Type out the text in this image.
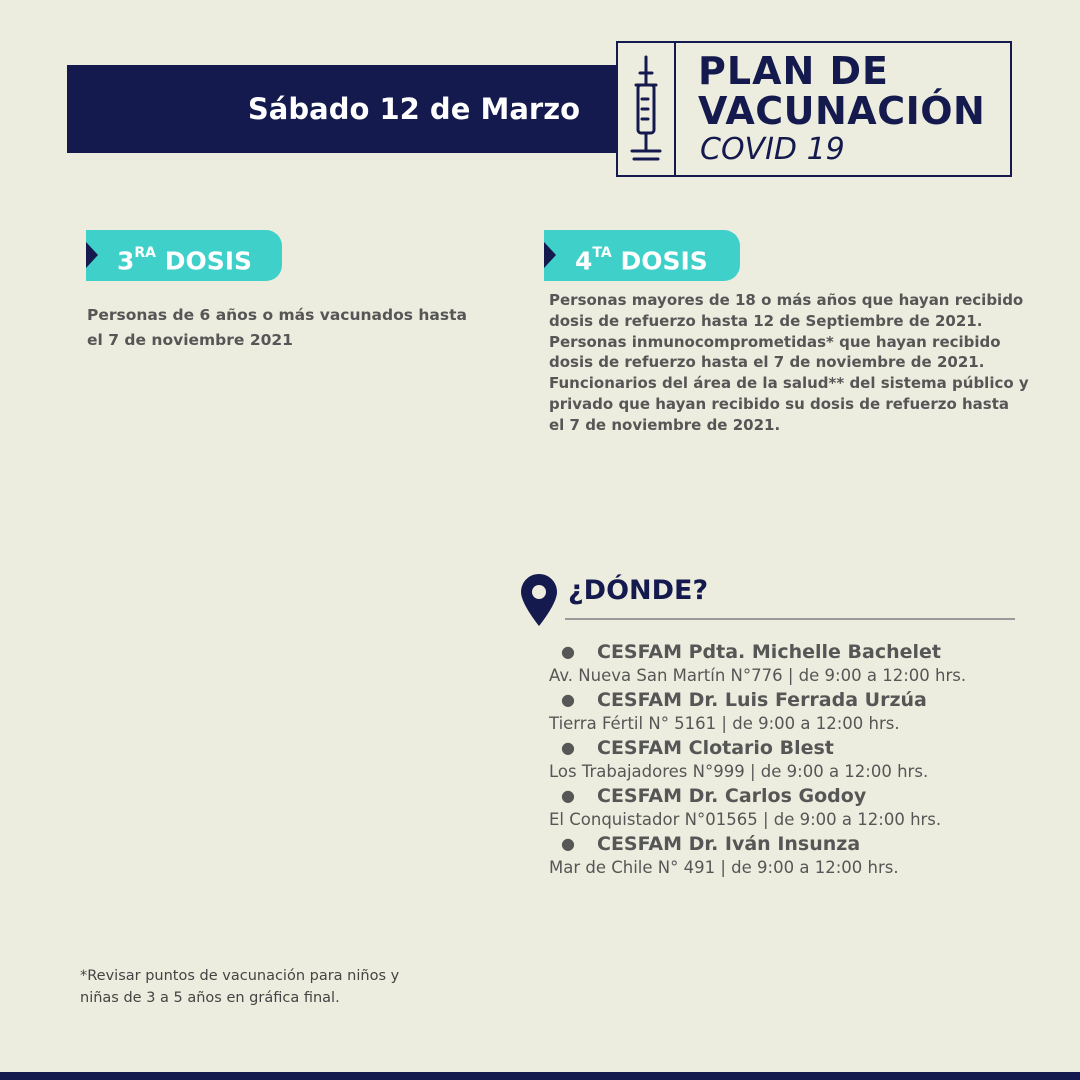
Sábado 12 de Marzo
PLAN DE
VACUNACIÓN
COVID 19
$3^{RA}$ DOSIS
Personas de 6 años o más vacunados hasta el 7 de noviembre 2021
$4^{TA}$ DOSIS

Personas mayores de 18 o más años que hayan recibido dosis de refuerzo hasta 12 de Septiembre de 2021.

Personas inmunocomprometidas* que hayan recibido dosis de refuerzo hasta el 7 de noviembre de 2021.

Funcionarios del área de la salud** del sistema público y privado que hayan recibido su dosis de refuerzo hasta el 7 de noviembre de 2021.

¿DÓNDE?
● CESFAM Pdta. Michelle Bachelet
Av. Nueva San Martín N°776 | de 9:00 a 12:00 hrs.
● CESFAM Dr. Luis Ferrada Urzúa
Tierra Fértil N° 5161 | de 9:00 a 12:00 hrs.
● CESFAM Clotario Blest
Los Trabajadores N°999 | de 9:00 a 12:00 hrs.
● CESFAM Dr. Carlos Godoy
El Conquistador N°01565 | de 9:00 a 12:00 hrs.
● CESFAM Dr. Iván Insunza
Mar de Chile N° 491 | de 9:00 a 12:00 hrs.
*Revisar puntos de vacunación para niños y niñas de 3 a 5 años en gráfica final.
